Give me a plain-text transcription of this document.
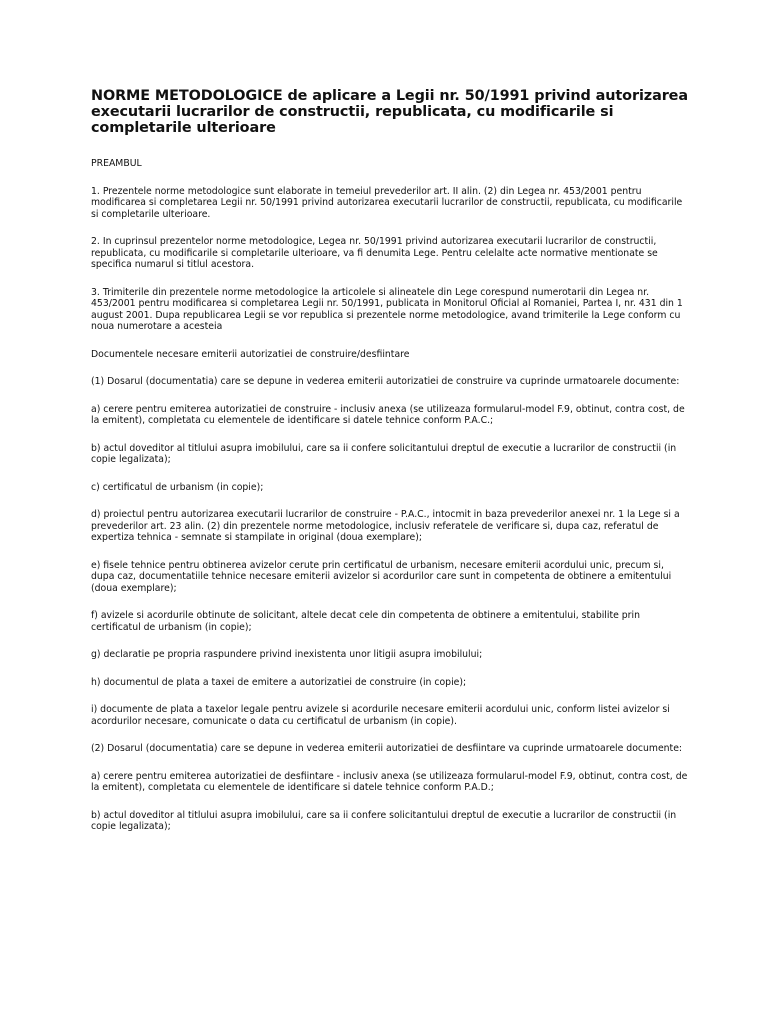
NORME METODOLOGICE de aplicare a Legii nr. 50/1991 privind autorizarea executarii lucrarilor de constructii, republicata, cu modificarile si completarile ulterioare

PREAMBUL

1. Prezentele norme metodologice sunt elaborate in temeiul prevederilor art. II alin. (2) din Legea nr. 453/2001 pentru modificarea si completarea Legii nr. 50/1991 privind autorizarea executarii lucrarilor de constructii, republicata, cu modificarile si completarile ulterioare.

2. In cuprinsul prezentelor norme metodologice, Legea nr. 50/1991 privind autorizarea executarii lucrarilor de constructii, republicata, cu modificarile si completarile ulterioare, va fi denumita Lege. Pentru celelalte acte normative mentionate se specifica numarul si titlul acestora.

3. Trimiterile din prezentele norme metodologice la articolele si alineatele din Lege corespund numerotarii din Legea nr. 453/2001 pentru modificarea si completarea Legii nr. 50/1991, publicata in Monitorul Oficial al Romaniei, Partea I, nr. 431 din 1 august 2001. Dupa republicarea Legii se vor republica si prezentele norme metodologice, avand trimiterile la Lege conform cu noua numerotare a acesteia

Documentele necesare emiterii autorizatiei de construire/desfiintare

(1) Dosarul (documentatia) care se depune in vederea emiterii autorizatiei de construire va cuprinde urmatoarele documente:

a) cerere pentru emiterea autorizatiei de construire - inclusiv anexa (se utilizeaza formularul-model F.9, obtinut, contra cost, de la emitent), completata cu elementele de identificare si datele tehnice conform P.A.C.;

b) actul doveditor al titlului asupra imobilului, care sa ii confere solicitantului dreptul de executie a lucrarilor de constructii (in copie legalizata);

c) certificatul de urbanism (in copie);

d) proiectul pentru autorizarea executarii lucrarilor de construire - P.A.C., intocmit in baza prevederilor anexei nr. 1 la Lege si a prevederilor art. 23 alin. (2) din prezentele norme metodologice, inclusiv referatele de verificare si, dupa caz, referatul de expertiza tehnica - semnate si stampilate in original (doua exemplare);

e) fisele tehnice pentru obtinerea avizelor cerute prin certificatul de urbanism, necesare emiterii acordului unic, precum si, dupa caz, documentatiile tehnice necesare emiterii avizelor si acordurilor care sunt in competenta de obtinere a emitentului (doua exemplare);

f) avizele si acordurile obtinute de solicitant, altele decat cele din competenta de obtinere a emitentului, stabilite prin certificatul de urbanism (in copie);

g) declaratie pe propria raspundere privind inexistenta unor litigii asupra imobilului;

h) documentul de plata a taxei de emitere a autorizatiei de construire (in copie);

i) documente de plata a taxelor legale pentru avizele si acordurile necesare emiterii acordului unic, conform listei avizelor si acordurilor necesare, comunicate o data cu certificatul de urbanism (in copie).

(2) Dosarul (documentatia) care se depune in vederea emiterii autorizatiei de desfiintare va cuprinde urmatoarele documente:

a) cerere pentru emiterea autorizatiei de desfiintare - inclusiv anexa (se utilizeaza formularul-model F.9, obtinut, contra cost, de la emitent), completata cu elementele de identificare si datele tehnice conform P.A.D.;

b) actul doveditor al titlului asupra imobilului, care sa ii confere solicitantului dreptul de executie a lucrarilor de constructii (in copie legalizata);
